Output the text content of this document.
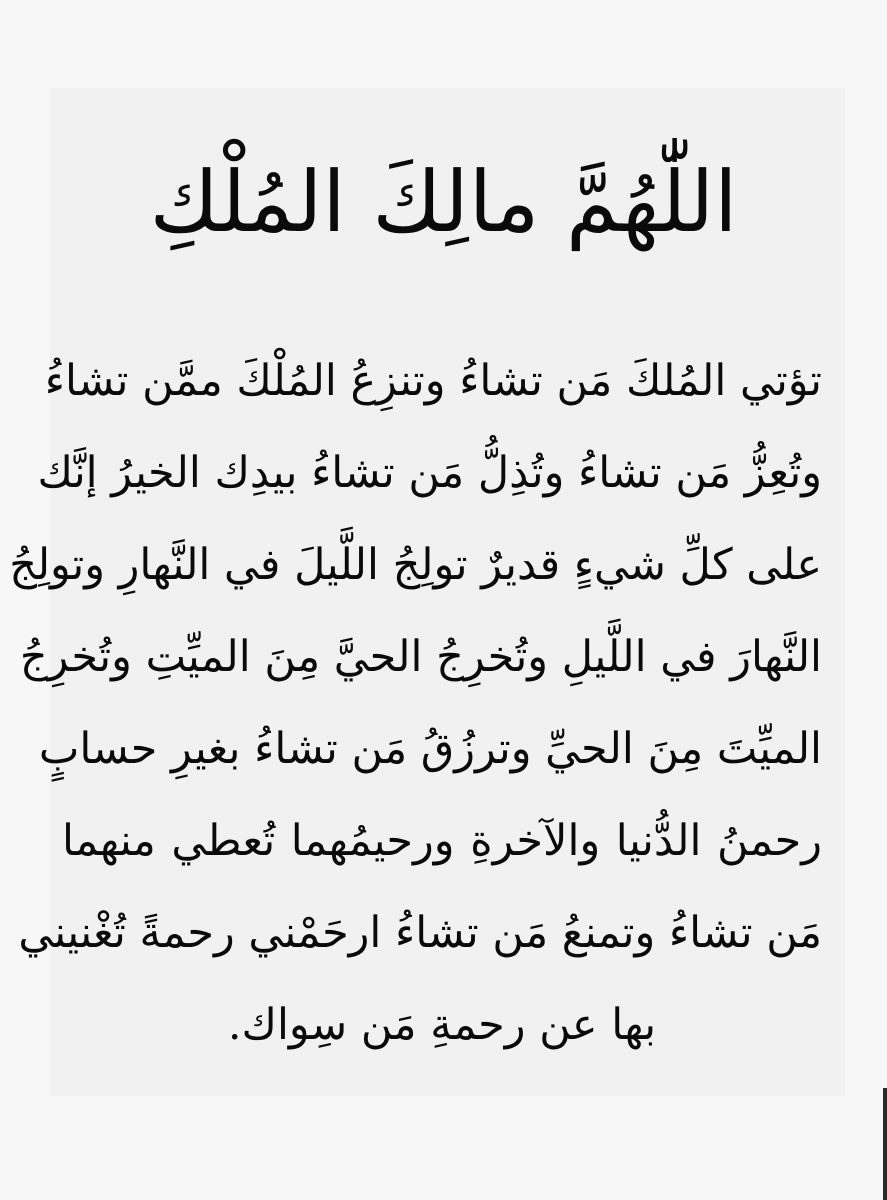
اللّٰهُمَّ مالِكَ المُلْكِ
تؤتي المُلكَ مَن تشاءُ وتنزِعُ المُلْكَ ممَّن تشاءُ
وتُعِزُّ مَن تشاءُ وتُذِلُّ مَن تشاءُ بيدِك الخيرُ إنَّك
على كلِّ شيءٍ قديرٌ تولِجُ اللَّيلَ في النَّهارِ وتولِجُ
النَّهارَ في اللَّيلِ وتُخرِجُ الحيَّ مِنَ الميِّتِ وتُخرِجُ
الميِّتَ مِنَ الحيِّ وترزُقُ مَن تشاءُ بغيرِ حسابٍ
رحمنُ الدُّنيا والآخرةِ ورحيمُهما تُعطي منهما
مَن تشاءُ وتمنعُ مَن تشاءُ ارحَمْني رحمةً تُغْنيني
بها عن رحمةِ مَن سِواك.
